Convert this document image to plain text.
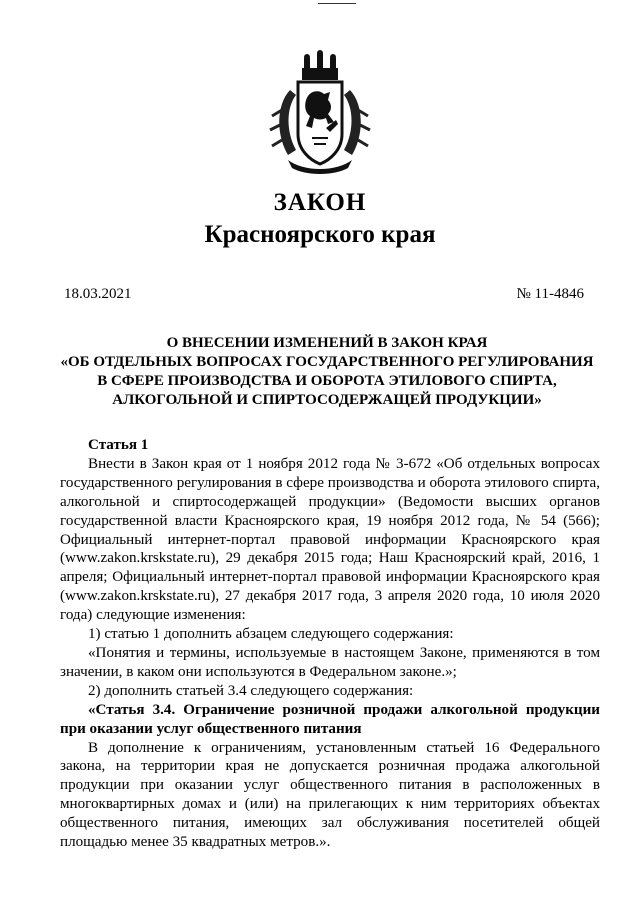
ЗАКОН
Красноярского края
18.03.2021	№ 11-4846
О ВНЕСЕНИИ ИЗМЕНЕНИЙ В ЗАКОН КРАЯ
«ОБ ОТДЕЛЬНЫХ ВОПРОСАХ ГОСУДАРСТВЕННОГО РЕГУЛИРОВАНИЯ
В СФЕРЕ ПРОИЗВОДСТВА И ОБОРОТА ЭТИЛОВОГО СПИРТА,
АЛКОГОЛЬНОЙ И СПИРТОСОДЕРЖАЩЕЙ ПРОДУКЦИИ»

Статья 1

Внести в Закон края от 1 ноября 2012 года № 3-672 «Об отдельных вопросах государственного регулирования в сфере производства и оборота этилового спирта, алкогольной и спиртосодержащей продукции» (Ведомости высших органов государственной власти Красноярского края, 19 ноября 2012 года, № 54 (566); Официальный интернет-портал правовой информации Красноярского края (www.zakon.krskstate.ru), 29 декабря 2015 года; Наш Красноярский край, 2016, 1 апреля; Официальный интернет-портал правовой информации Красноярского края (www.zakon.krskstate.ru), 27 декабря 2017 года, 3 апреля 2020 года, 10 июля 2020 года) следующие изменения:

1) статью 1 дополнить абзацем следующего содержания:

«Понятия и термины, используемые в настоящем Законе, применяются в том значении, в каком они используются в Федеральном законе.»;

2) дополнить статьей 3.4 следующего содержания:

«Статья 3.4. Ограничение розничной продажи алкогольной продукции при оказании услуг общественного питания

В дополнение к ограничениям, установленным статьей 16 Федерального закона, на территории края не допускается розничная продажа алкогольной продукции при оказании услуг общественного питания в расположенных в многоквартирных домах и (или) на прилегающих к ним территориях объектах общественного питания, имеющих зал обслуживания посетителей общей площадью менее 35 квадратных метров.».
